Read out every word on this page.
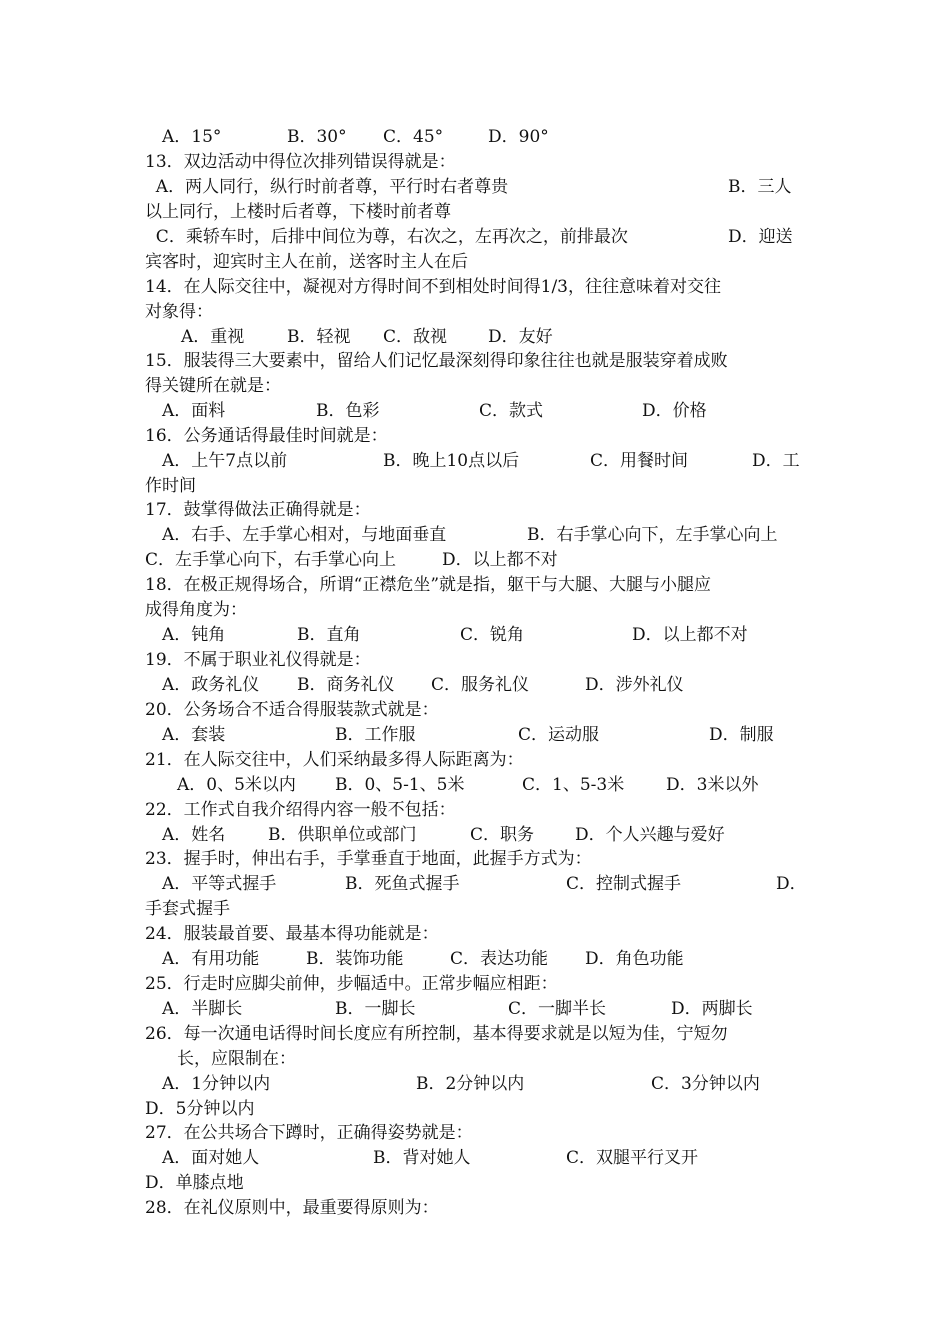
A．15°	B．30° C．45°	D．90°
13．双边活动中得位次排列错误得就是：
A．两人同行，纵行时前者尊，平行时右者尊贵	B．三人
以上同行，上楼时后者尊，下楼时前者尊
C．乘轿车时，后排中间位为尊，右次之，左再次之，前排最次	D．迎送
宾客时，迎宾时主人在前，送客时主人在后
14．在人际交往中，凝视对方得时间不到相处时间得1/3，往往意味着对交往
对象得：
A．重视	B．轻视 C．敌视 D．友好
15．服装得三大要素中，留给人们记忆最深刻得印象往往也就是服装穿着成败
得关键所在就是：
A．面料	B．色彩	C．款式	D．价格
16．公务通话得最佳时间就是：
A．上午7点以前	B．晚上10点以后	C．用餐时间	D．工
作时间
17．鼓掌得做法正确得就是：
A．右手、左手掌心相对，与地面垂直	B．右手掌心向下，左手掌心向上
C．左手掌心向下，右手掌心向上	D．以上都不对
18．在极正规得场合，所谓“正襟危坐”就是指，躯干与大腿、大腿与小腿应
成得角度为：
A．钝角	B．直角	C．锐角	D．以上都不对
19．不属于职业礼仪得就是：
A．政务礼仪 B．商务礼仪 C．服务礼仪	D．涉外礼仪
20．公务场合不适合得服装款式就是：
A．套装	B．工作服	C．运动服	D．制服
21．在人际交往中，人们采纳最多得人际距离为：
A．0、5米以内 B．0、5-1、5米	C．1、5-3米 D．3米以外
22．工作式自我介绍得内容一般不包括：
A．姓名	B．供职单位或部门	C．职务 D．个人兴趣与爱好
23．握手时，伸出右手，手掌垂直于地面，此握手方式为：
A．平等式握手	B．死鱼式握手	C．控制式握手	D．
手套式握手
24．服装最首要、最基本得功能就是：
A．有用功能	B．装饰功能	C．表达功能 D．角色功能
25．行走时应脚尖前伸，步幅适中。正常步幅应相距：
A．半脚长	B．一脚长	C．一脚半长	D．两脚长
26．每一次通电话得时间长度应有所控制，基本得要求就是以短为佳，宁短勿
长，应限制在：
A．1分钟以内	B．2分钟以内	C．3分钟以内
D．5分钟以内
27．在公共场合下蹲时，正确得姿势就是：
A．面对她人	B．背对她人	C．双腿平行叉开
D．单膝点地
28．在礼仪原则中，最重要得原则为：
